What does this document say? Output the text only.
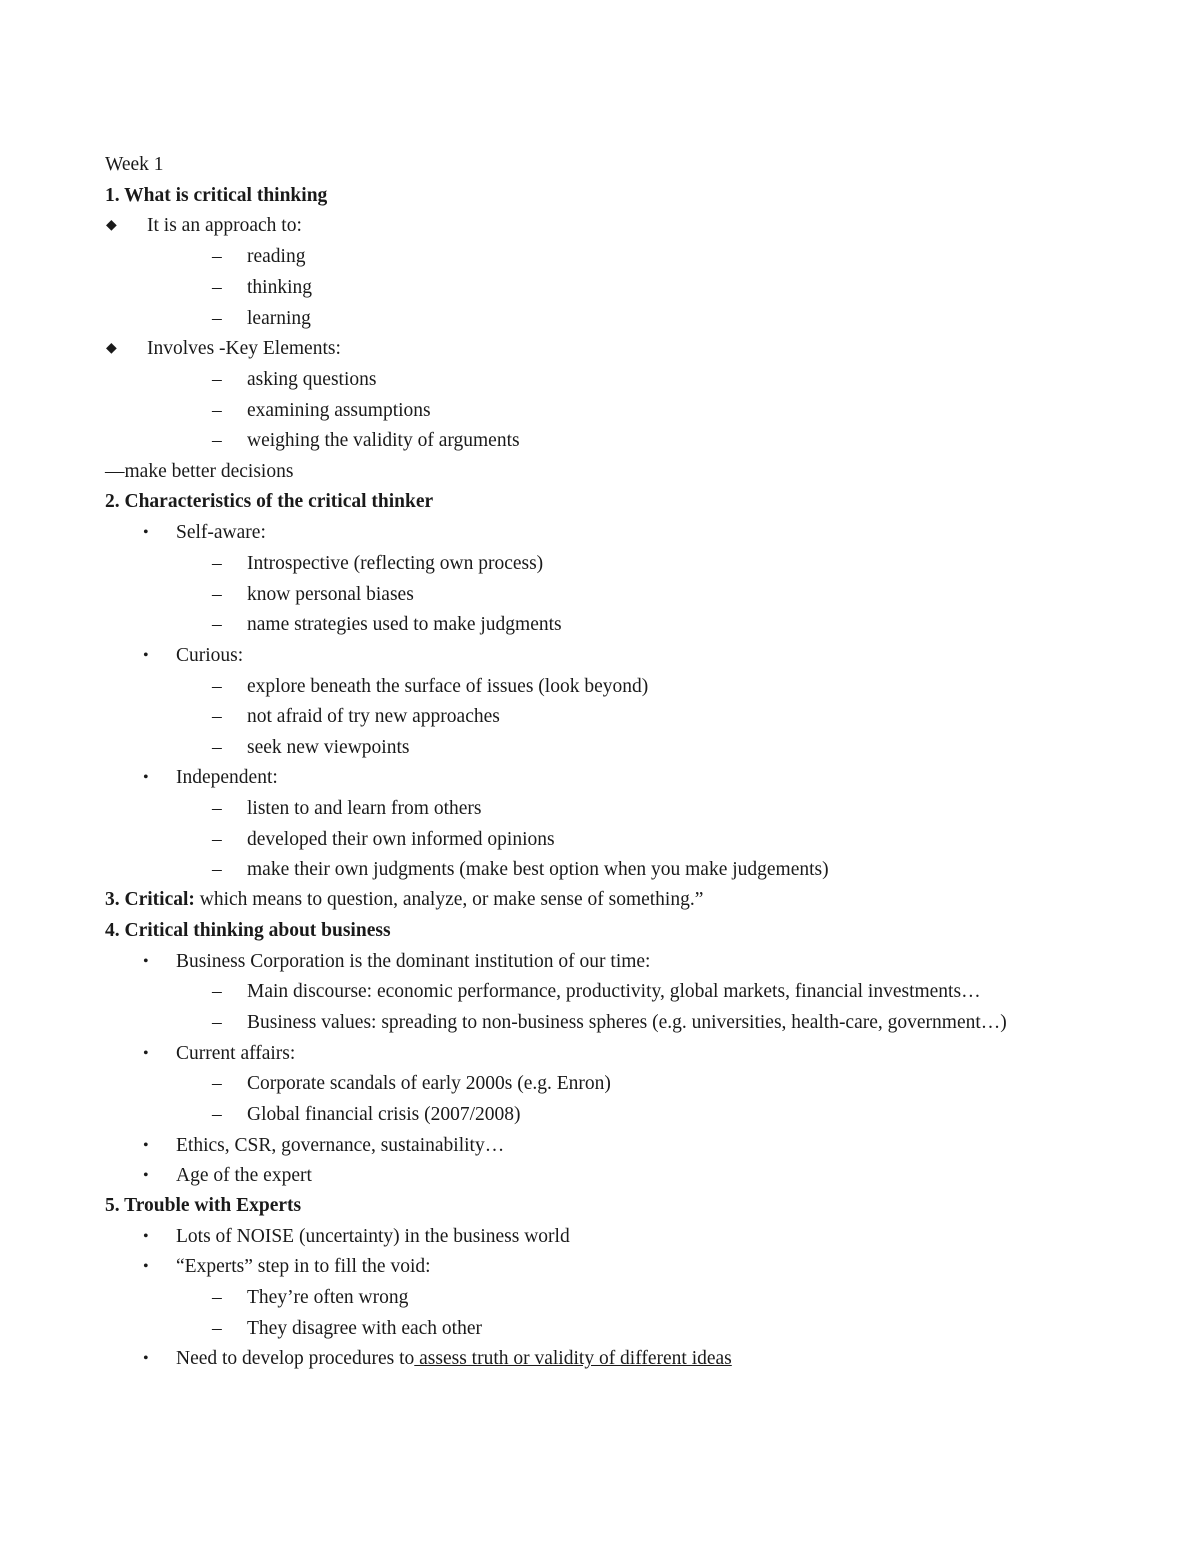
Week 1
1. What is critical thinking
◆ It is an approach to:
– reading
– thinking
– learning
◆ Involves -Key Elements:
– asking questions
– examining assumptions
– weighing the validity of arguments
—make better decisions
2. Characteristics of the critical thinker
• Self-aware:
– Introspective (reflecting own process)
– know personal biases
– name strategies used to make judgments
• Curious:
– explore beneath the surface of issues (look beyond)
– not afraid of try new approaches
– seek new viewpoints
• Independent:
– listen to and learn from others
– developed their own informed opinions
– make their own judgments (make best option when you make judgements)
3. Critical: which means to question, analyze, or make sense of something.”
4. Critical thinking about business
• Business Corporation is the dominant institution of our time:
– Main discourse: economic performance, productivity, global markets, financial investments…
– Business values: spreading to non-business spheres (e.g. universities, health-care, government…)
• Current affairs:
– Corporate scandals of early 2000s (e.g. Enron)
– Global financial crisis (2007/2008)
• Ethics, CSR, governance, sustainability…
• Age of the expert
5. Trouble with Experts
• Lots of NOISE (uncertainty) in the business world
• “Experts” step in to fill the void:
– They’re often wrong
– They disagree with each other
• Need to develop procedures to assess truth or validity of different ideas
